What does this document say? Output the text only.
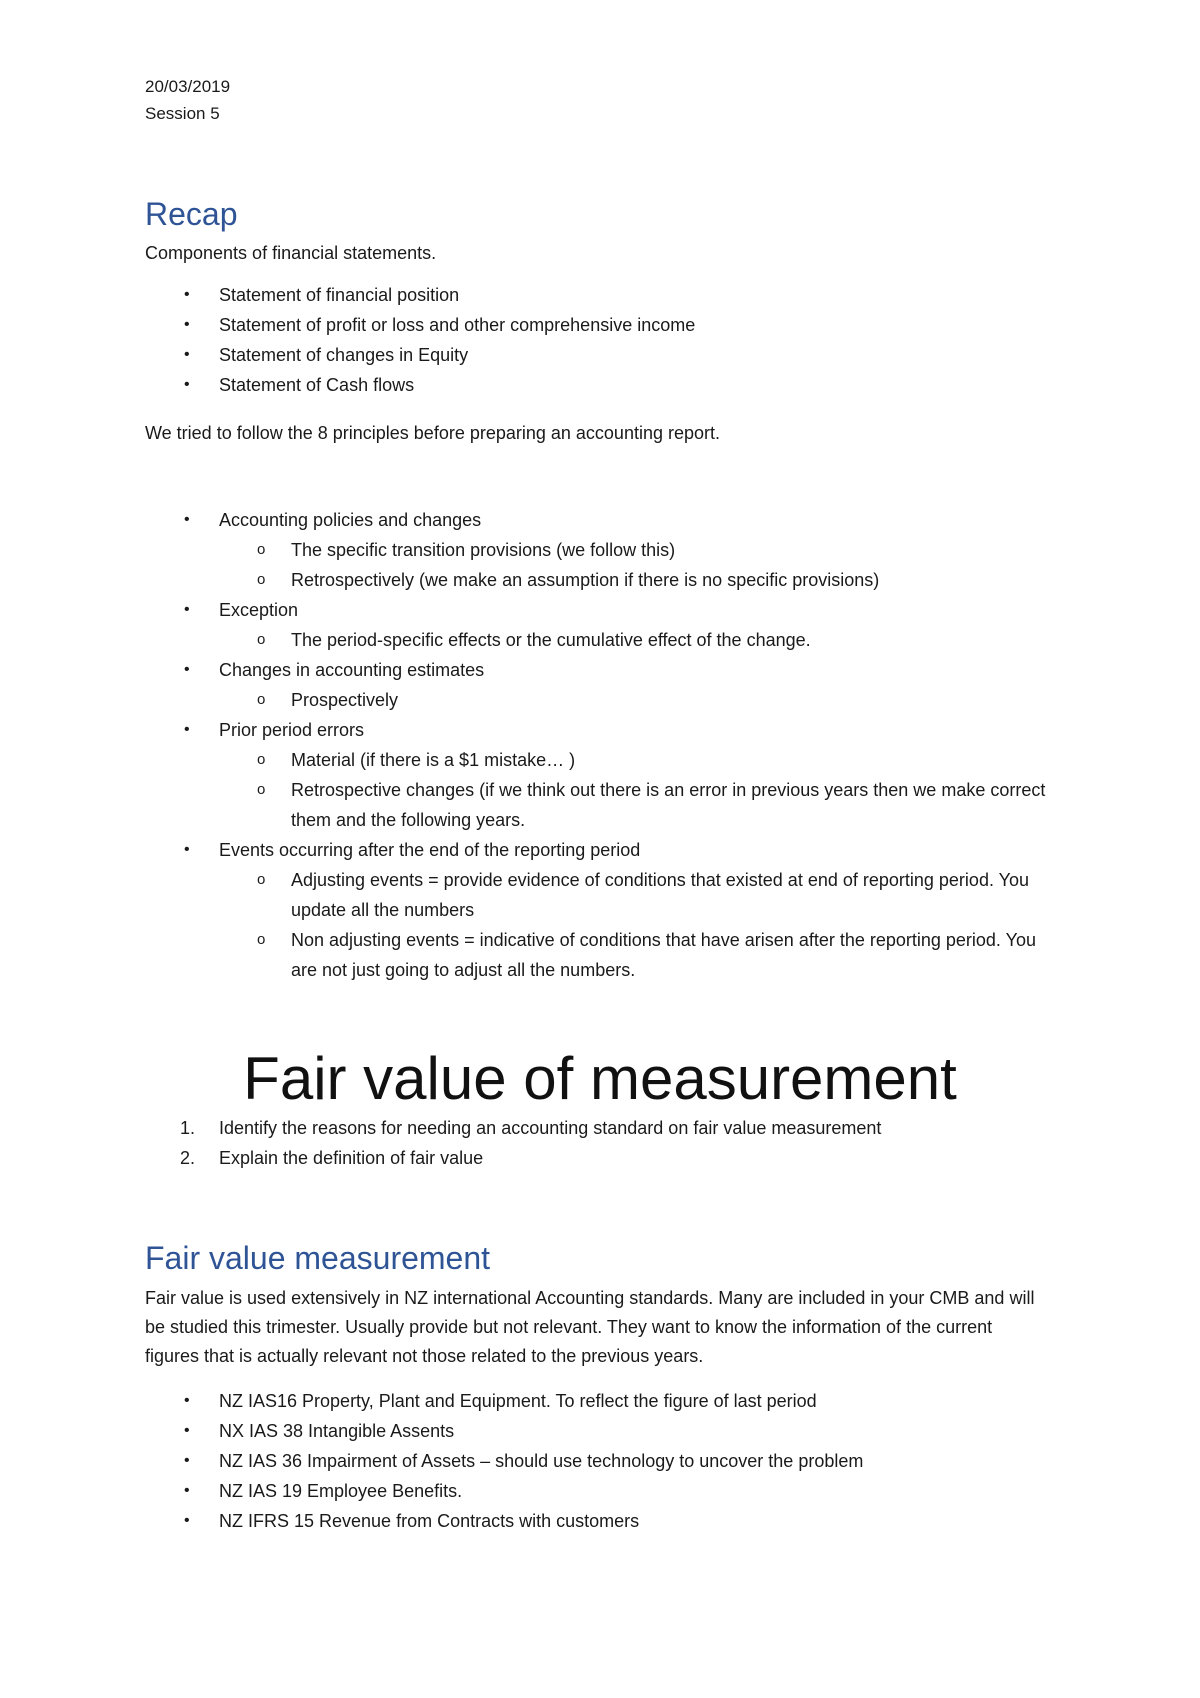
20/03/2019
Session 5
Recap
Components of financial statements.
• Statement of financial position
• Statement of profit or loss and other comprehensive income
• Statement of changes in Equity
• Statement of Cash flows
We tried to follow the 8 principles before preparing an accounting report.
• Accounting policies and changes
o The specific transition provisions (we follow this)
o Retrospectively (we make an assumption if there is no specific provisions)
• Exception
o The period-specific effects or the cumulative effect of the change.
• Changes in accounting estimates
o Prospectively
• Prior period errors
o Material (if there is a $1 mistake… )
o Retrospective changes (if we think out there is an error in previous years then we make correct them and the following years.
• Events occurring after the end of the reporting period
o Adjusting events = provide evidence of conditions that existed at end of reporting period. You update all the numbers
o Non adjusting events = indicative of conditions that have arisen after the reporting period. You are not just going to adjust all the numbers.
Fair value of measurement
1. Identify the reasons for needing an accounting standard on fair value measurement
2. Explain the definition of fair value
Fair value measurement
Fair value is used extensively in NZ international Accounting standards. Many are included in your CMB and will be studied this trimester. Usually provide but not relevant. They want to know the information of the current figures that is actually relevant not those related to the previous years.
• NZ IAS16 Property, Plant and Equipment. To reflect the figure of last period
• NX IAS 38 Intangible Assents
• NZ IAS 36 Impairment of Assets – should use technology to uncover the problem
• NZ IAS 19 Employee Benefits.
• NZ IFRS 15 Revenue from Contracts with customers
